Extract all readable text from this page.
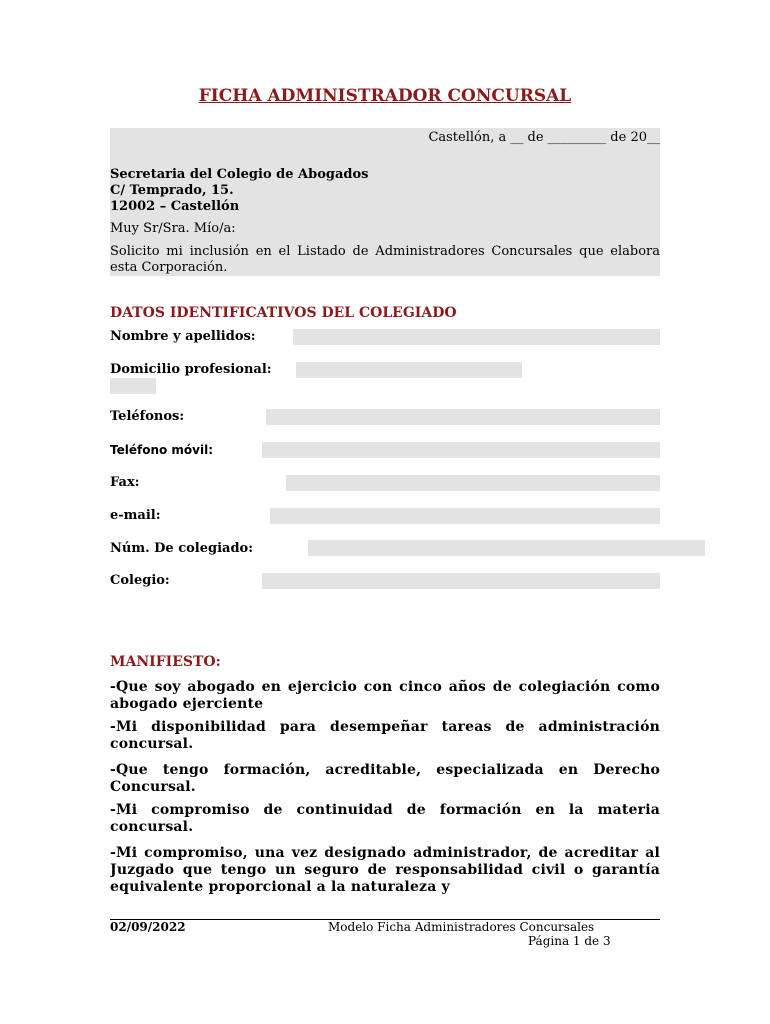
FICHA ADMINISTRADOR CONCURSAL
Castellón, a __ de _________ de 20__
Secretaria del Colegio de Abogados
C/ Temprado, 15.
12002 – Castellón
Muy Sr/Sra. Mío/a:
Solicito mi inclusión en el Listado de Administradores Concursales que elabora esta Corporación.
DATOS IDENTIFICATIVOS DEL COLEGIADO
Nombre y apellidos:
Domicilio profesional:
Teléfonos:
Teléfono móvil:
Fax:
e-mail:
Núm. De colegiado:
Colegio:
MANIFIESTO:
-Que soy abogado en ejercicio con cinco años de colegiación como abogado ejerciente
-Mi disponibilidad para desempeñar tareas de administración concursal.
-Que tengo formación, acreditable, especializada en Derecho Concursal.
-Mi compromiso de continuidad de formación en la materia concursal.
-Mi compromiso, una vez designado administrador, de acreditar al Juzgado que tengo un seguro de responsabilidad civil o garantía equivalente proporcional a la naturaleza y
02/09/2022	Modelo Ficha Administradores Concursales
Página 1 de 3
